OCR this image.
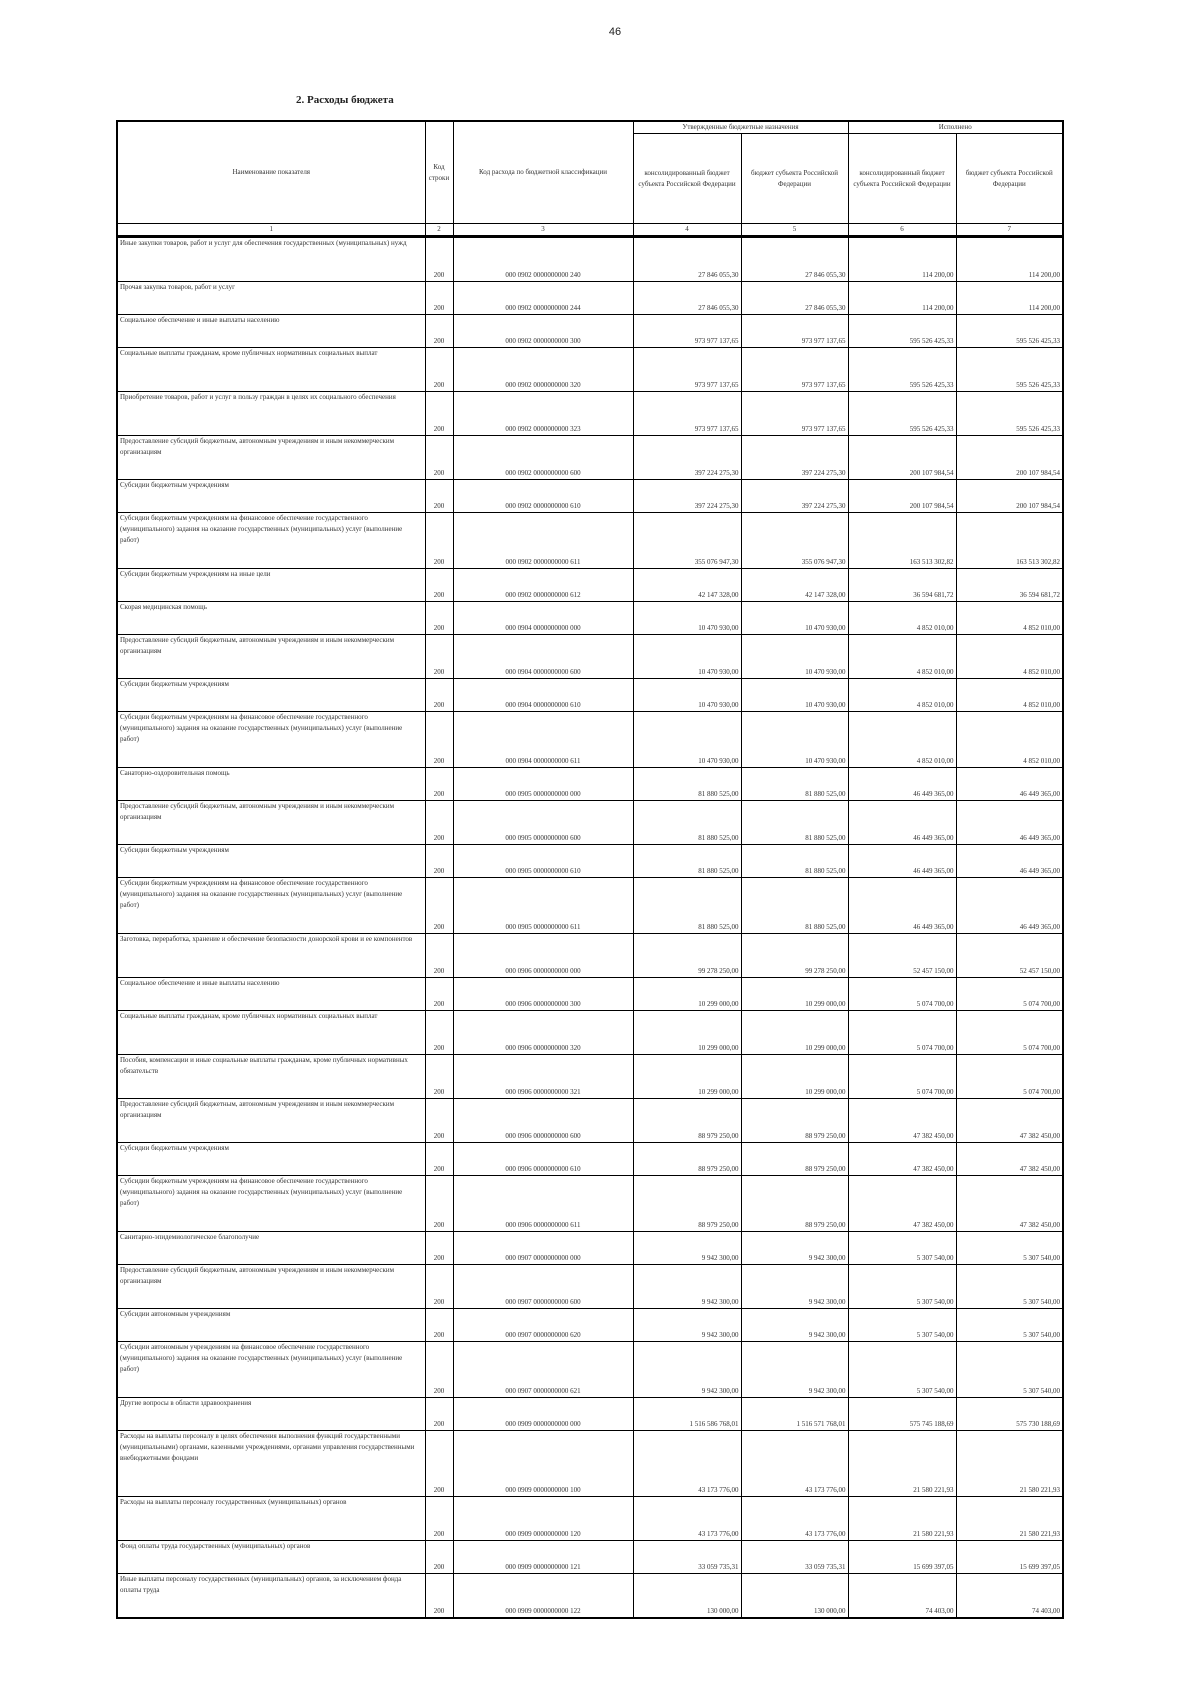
46
2. Расходы бюджета
Наименование показателя	Код строки	Код расхода по бюджетной классификации	Утвержденные бюджетные назначения		Исполнено	
			консолидированный бюджет субъекта Российской Федерации	бюджет субъекта Российской Федерации	консолидированный бюджет субъекта Российской Федерации	бюджет субъекта Российской Федерации
1	2	3	4	5	6	7
Иные закупки товаров, работ и услуг для обеспечения государственных (муниципальных) нужд	200	000 0902 0000000000 240	27 846 055,30	27 846 055,30	114 200,00	114 200,00
Прочая закупка товаров, работ и услуг	200	000 0902 0000000000 244	27 846 055,30	27 846 055,30	114 200,00	114 200,00
Социальное обеспечение и иные выплаты населению	200	000 0902 0000000000 300	973 977 137,65	973 977 137,65	595 526 425,33	595 526 425,33
Социальные выплаты гражданам, кроме публичных нормативных социальных выплат	200	000 0902 0000000000 320	973 977 137,65	973 977 137,65	595 526 425,33	595 526 425,33
Приобретение товаров, работ и услуг в пользу граждан в целях их социального обеспечения	200	000 0902 0000000000 323	973 977 137,65	973 977 137,65	595 526 425,33	595 526 425,33
Предоставление субсидий бюджетным, автономным учреждениям и иным некоммерческим организациям	200	000 0902 0000000000 600	397 224 275,30	397 224 275,30	200 107 984,54	200 107 984,54
Субсидии бюджетным учреждениям	200	000 0902 0000000000 610	397 224 275,30	397 224 275,30	200 107 984,54	200 107 984,54
Субсидии бюджетным учреждениям на финансовое обеспечение государственного (муниципального) задания на оказание государственных (муниципальных) услуг (выполнение работ)	200	000 0902 0000000000 611	355 076 947,30	355 076 947,30	163 513 302,82	163 513 302,82
Субсидии бюджетным учреждениям на иные цели	200	000 0902 0000000000 612	42 147 328,00	42 147 328,00	36 594 681,72	36 594 681,72
Скорая медицинская помощь	200	000 0904 0000000000 000	10 470 930,00	10 470 930,00	4 852 010,00	4 852 010,00
Предоставление субсидий бюджетным, автономным учреждениям и иным некоммерческим организациям	200	000 0904 0000000000 600	10 470 930,00	10 470 930,00	4 852 010,00	4 852 010,00
Субсидии бюджетным учреждениям	200	000 0904 0000000000 610	10 470 930,00	10 470 930,00	4 852 010,00	4 852 010,00
Субсидии бюджетным учреждениям на финансовое обеспечение государственного (муниципального) задания на оказание государственных (муниципальных) услуг (выполнение работ)	200	000 0904 0000000000 611	10 470 930,00	10 470 930,00	4 852 010,00	4 852 010,00
Санаторно-оздоровительная помощь	200	000 0905 0000000000 000	81 880 525,00	81 880 525,00	46 449 365,00	46 449 365,00
Предоставление субсидий бюджетным, автономным учреждениям и иным некоммерческим организациям	200	000 0905 0000000000 600	81 880 525,00	81 880 525,00	46 449 365,00	46 449 365,00
Субсидии бюджетным учреждениям	200	000 0905 0000000000 610	81 880 525,00	81 880 525,00	46 449 365,00	46 449 365,00
Субсидии бюджетным учреждениям на финансовое обеспечение государственного (муниципального) задания на оказание государственных (муниципальных) услуг (выполнение работ)	200	000 0905 0000000000 611	81 880 525,00	81 880 525,00	46 449 365,00	46 449 365,00
Заготовка, переработка, хранение и обеспечение безопасности донорской крови и ее компонентов	200	000 0906 0000000000 000	99 278 250,00	99 278 250,00	52 457 150,00	52 457 150,00
Социальное обеспечение и иные выплаты населению	200	000 0906 0000000000 300	10 299 000,00	10 299 000,00	5 074 700,00	5 074 700,00
Социальные выплаты гражданам, кроме публичных нормативных социальных выплат	200	000 0906 0000000000 320	10 299 000,00	10 299 000,00	5 074 700,00	5 074 700,00
Пособия, компенсации и иные социальные выплаты гражданам, кроме публичных нормативных обязательств	200	000 0906 0000000000 321	10 299 000,00	10 299 000,00	5 074 700,00	5 074 700,00
Предоставление субсидий бюджетным, автономным учреждениям и иным некоммерческим организациям	200	000 0906 0000000000 600	88 979 250,00	88 979 250,00	47 382 450,00	47 382 450,00
Субсидии бюджетным учреждениям	200	000 0906 0000000000 610	88 979 250,00	88 979 250,00	47 382 450,00	47 382 450,00
Субсидии бюджетным учреждениям на финансовое обеспечение государственного (муниципального) задания на оказание государственных (муниципальных) услуг (выполнение работ)	200	000 0906 0000000000 611	88 979 250,00	88 979 250,00	47 382 450,00	47 382 450,00
Санитарно-эпидемиологическое благополучие	200	000 0907 0000000000 000	9 942 300,00	9 942 300,00	5 307 540,00	5 307 540,00
Предоставление субсидий бюджетным, автономным учреждениям и иным некоммерческим организациям	200	000 0907 0000000000 600	9 942 300,00	9 942 300,00	5 307 540,00	5 307 540,00
Субсидии автономным учреждениям	200	000 0907 0000000000 620	9 942 300,00	9 942 300,00	5 307 540,00	5 307 540,00
Субсидии автономным учреждениям на финансовое обеспечение государственного (муниципального) задания на оказание государственных (муниципальных) услуг (выполнение работ)	200	000 0907 0000000000 621	9 942 300,00	9 942 300,00	5 307 540,00	5 307 540,00
Другие вопросы в области здравоохранения	200	000 0909 0000000000 000	1 516 586 768,01	1 516 571 768,01	575 745 188,69	575 730 188,69
Расходы на выплаты персоналу в целях обеспечения выполнения функций государственными (муниципальными) органами, казенными учреждениями, органами управления государственными внебюджетными фондами	200	000 0909 0000000000 100	43 173 776,00	43 173 776,00	21 580 221,93	21 580 221,93
Расходы на выплаты персоналу государственных (муниципальных) органов	200	000 0909 0000000000 120	43 173 776,00	43 173 776,00	21 580 221,93	21 580 221,93
Фонд оплаты труда государственных (муниципальных) органов	200	000 0909 0000000000 121	33 059 735,31	33 059 735,31	15 699 397,05	15 699 397,05
Иные выплаты персоналу государственных (муниципальных) органов, за исключением фонда оплаты труда	200	000 0909 0000000000 122	130 000,00	130 000,00	74 403,00	74 403,00
